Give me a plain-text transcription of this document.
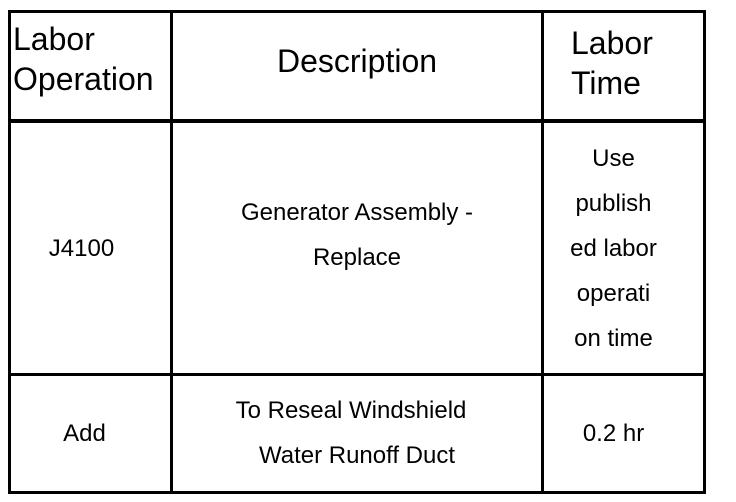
Labor
Operation	Description	Labor
Time
J4100
Generator Assembly -
Replace
Use
publish
ed labor
operati
on time
Add
To Reseal Windshield
Water Runoff Duct
0.2 hr
